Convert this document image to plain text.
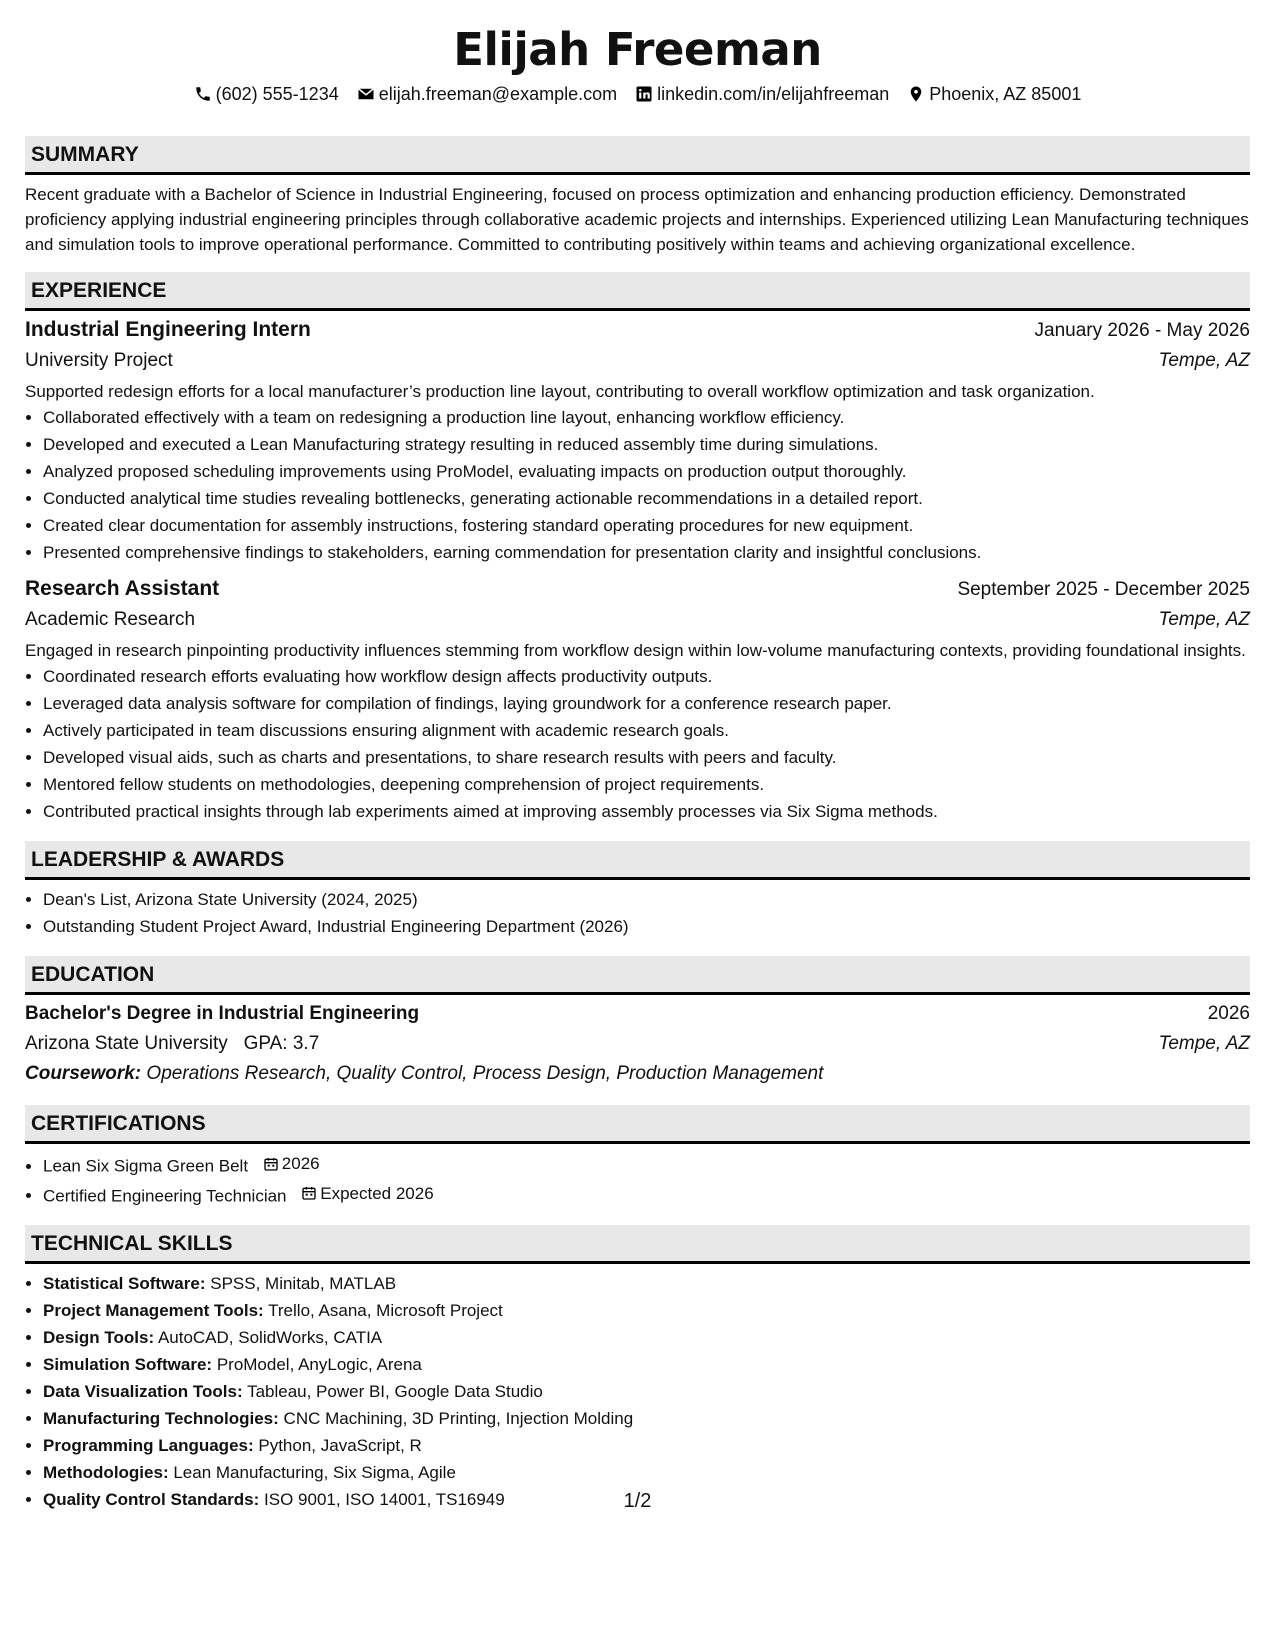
Elijah Freeman
(602) 555-1234 elijah.freeman@example.com linkedin.com/in/elijahfreeman Phoenix, AZ 85001
SUMMARY
Recent graduate with a Bachelor of Science in Industrial Engineering, focused on process optimization and enhancing production efficiency. Demonstrated proficiency applying industrial engineering principles through collaborative academic projects and internships. Experienced utilizing Lean Manufacturing techniques and simulation tools to improve operational performance. Committed to contributing positively within teams and achieving organizational excellence.
EXPERIENCE
Industrial Engineering Intern	January 2026 - May 2026
University Project	Tempe, AZ
Supported redesign efforts for a local manufacturer’s production line layout, contributing to overall workflow optimization and task organization.
• Collaborated effectively with a team on redesigning a production line layout, enhancing workflow efficiency.
• Developed and executed a Lean Manufacturing strategy resulting in reduced assembly time during simulations.
• Analyzed proposed scheduling improvements using ProModel, evaluating impacts on production output thoroughly.
• Conducted analytical time studies revealing bottlenecks, generating actionable recommendations in a detailed report.
• Created clear documentation for assembly instructions, fostering standard operating procedures for new equipment.
• Presented comprehensive findings to stakeholders, earning commendation for presentation clarity and insightful conclusions.
Research Assistant	September 2025 - December 2025
Academic Research	Tempe, AZ
Engaged in research pinpointing productivity influences stemming from workflow design within low-volume manufacturing contexts, providing foundational insights.
• Coordinated research efforts evaluating how workflow design affects productivity outputs.
• Leveraged data analysis software for compilation of findings, laying groundwork for a conference research paper.
• Actively participated in team discussions ensuring alignment with academic research goals.
• Developed visual aids, such as charts and presentations, to share research results with peers and faculty.
• Mentored fellow students on methodologies, deepening comprehension of project requirements.
• Contributed practical insights through lab experiments aimed at improving assembly processes via Six Sigma methods.
LEADERSHIP & AWARDS
• Dean's List, Arizona State University (2024, 2025)
• Outstanding Student Project Award, Industrial Engineering Department (2026)
EDUCATION
Bachelor's Degree in Industrial Engineering	2026
Arizona State University GPA: 3.7	Tempe, AZ
Coursework: Operations Research, Quality Control, Process Design, Production Management
CERTIFICATIONS
• Lean Six Sigma Green Belt 2026
• Certified Engineering Technician Expected 2026
TECHNICAL SKILLS
• Statistical Software: SPSS, Minitab, MATLAB
• Project Management Tools: Trello, Asana, Microsoft Project
• Design Tools: AutoCAD, SolidWorks, CATIA
• Simulation Software: ProModel, AnyLogic, Arena
• Data Visualization Tools: Tableau, Power BI, Google Data Studio
• Manufacturing Technologies: CNC Machining, 3D Printing, Injection Molding
• Programming Languages: Python, JavaScript, R
• Methodologies: Lean Manufacturing, Six Sigma, Agile
• Quality Control Standards: ISO 9001, ISO 14001, TS16949	1/2
